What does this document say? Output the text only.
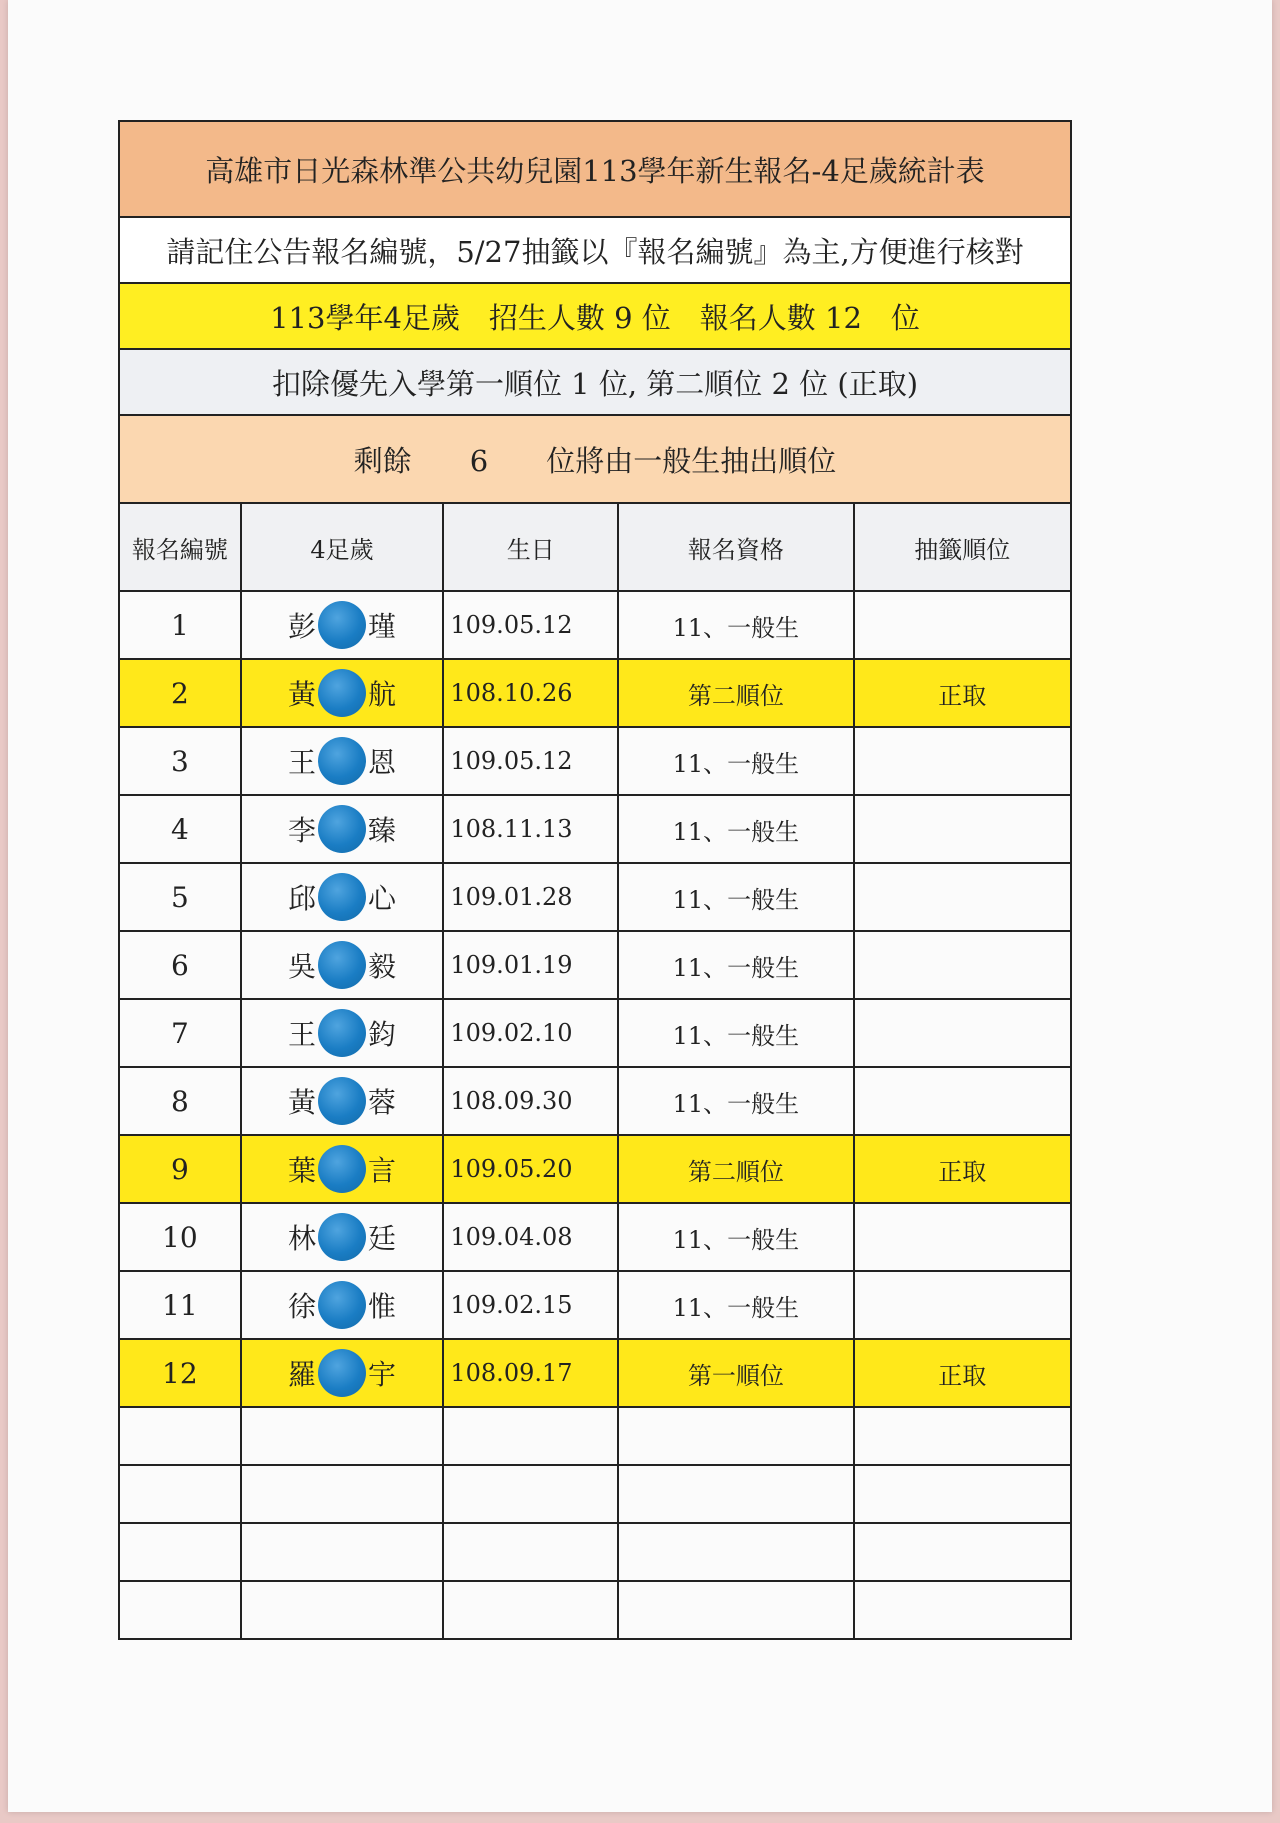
高雄市日光森林準公共幼兒園113學年新生報名-4足歲統計表				
請記住公告報名編號，5/27抽籤以『報名編號』為主,方便進行核對				
113學年4足歲　招生人數 9 位　報名人數 12　位				
扣除優先入學第一順位 1 位, 第二順位 2 位 (正取)				
剩餘 6 位將由一般生抽出順位				
報名編號	4足歲	生日	報名資格	抽籤順位
1	彭 瑾	109.05.12	11、一般生	
2	黃 航	108.10.26	第二順位	正取
3	王 恩	109.05.12	11、一般生	
4	李 臻	108.11.13	11、一般生	
5	邱 心	109.01.28	11、一般生	
6	吳 毅	109.01.19	11、一般生	
7	王 鈞	109.02.10	11、一般生	
8	黃 蓉	108.09.30	11、一般生	
9	葉 言	109.05.20	第二順位	正取
10	林 廷	109.04.08	11、一般生	
11	徐 惟	109.02.15	11、一般生	
12	羅 宇	108.09.17	第一順位	正取
